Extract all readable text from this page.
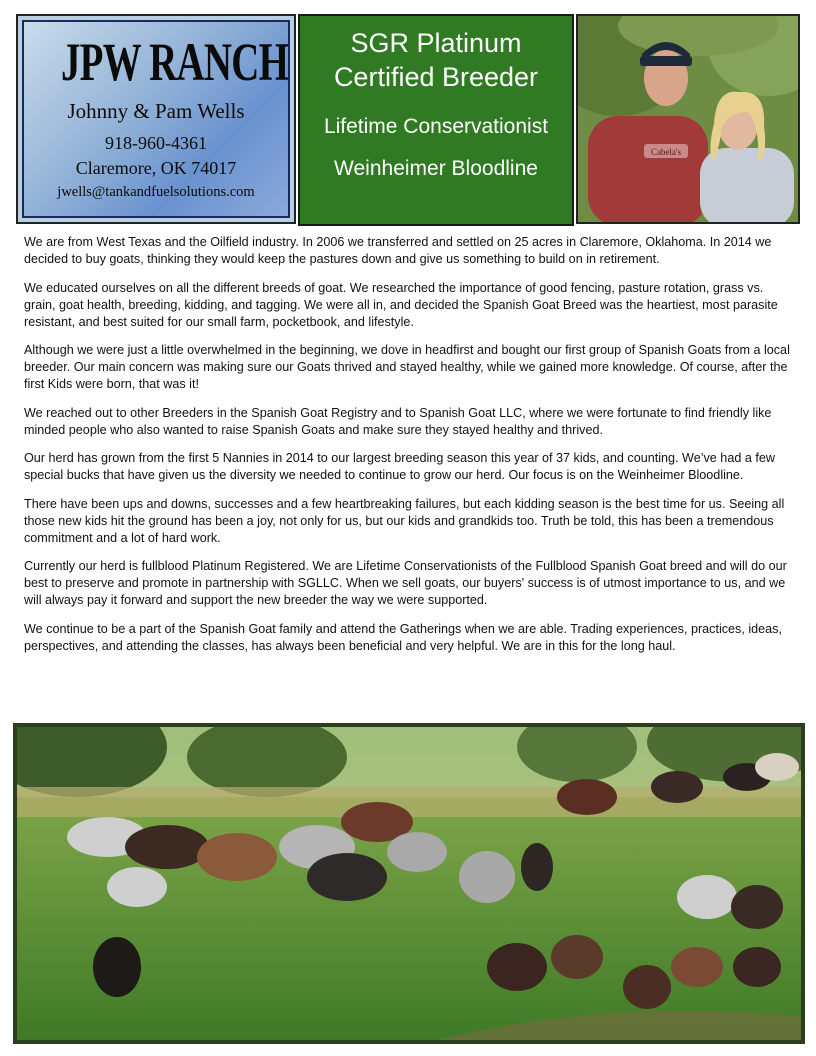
JPW RANCH
Johnny & Pam Wells
918-960-4361
Claremore, OK 74017
jwells@tankandfuelsolutions.com
SGR Platinum
Certified Breeder
Lifetime Conservationist
Weinheimer Bloodline
Cabela's

We are from West Texas and the Oilfield industry. In 2006 we transferred and settled on 25 acres in Claremore, Oklahoma. In 2014 we decided to buy goats, thinking they would keep the pastures down and give us something to build on in retirement.

We educated ourselves on all the different breeds of goat. We researched the importance of good fencing, pasture rotation, grass vs. grain, goat health, breeding, kidding, and tagging. We were all in, and decided the Spanish Goat Breed was the heartiest, most parasite resistant, and best suited for our small farm, pocketbook, and lifestyle.

Although we were just a little overwhelmed in the beginning, we dove in headfirst and bought our first group of Spanish Goats from a local breeder. Our main concern was making sure our Goats thrived and stayed healthy, while we gained more knowledge. Of course, after the first Kids were born, that was it!

We reached out to other Breeders in the Spanish Goat Registry and to Spanish Goat LLC, where we were fortunate to find friendly like minded people who also wanted to raise Spanish Goats and make sure they stayed healthy and thrived.

Our herd has grown from the first 5 Nannies in 2014 to our largest breeding season this year of 37 kids, and counting. We’ve had a few special bucks that have given us the diversity we needed to continue to grow our herd. Our focus is on the Weinheimer Bloodline.

There have been ups and downs, successes and a few heartbreaking failures, but each kidding season is the best time for us. Seeing all those new kids hit the ground has been a joy, not only for us, but our kids and grandkids too. Truth be told, this has been a tremendous commitment and a lot of hard work.

Currently our herd is fullblood Platinum Registered. We are Lifetime Conservationists of the Fullblood Spanish Goat breed and will do our best to preserve and promote in partnership with SGLLC. When we sell goats, our buyers' success is of utmost importance to us, and we will always pay it forward and support the new breeder the way we were supported.

We continue to be a part of the Spanish Goat family and attend the Gatherings when we are able. Trading experiences, practices, ideas, perspectives, and attending the classes, has always been beneficial and very helpful. We are in this for the long haul.
